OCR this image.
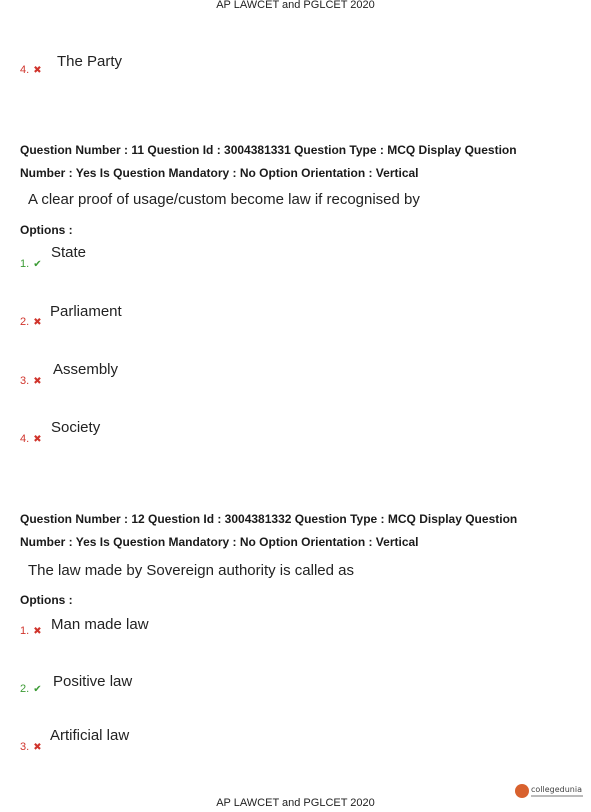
AP LAWCET and PGLCET 2020
4. ✖
The Party
Question Number : 11 Question Id : 3004381331 Question Type : MCQ Display Question
Number : Yes Is Question Mandatory : No Option Orientation : Vertical
A clear proof of usage/custom become law if recognised by
Options :
1. ✔
State
2. ✖
Parliament
3. ✖
Assembly
4. ✖
Society
Question Number : 12 Question Id : 3004381332 Question Type : MCQ Display Question
Number : Yes Is Question Mandatory : No Option Orientation : Vertical
The law made by Sovereign authority is called as
Options :
1. ✖ Man made law
2. ✔ Positive law
3. ✖
Artificial law
collegedunia
AP LAWCET and PGLCET 2020
